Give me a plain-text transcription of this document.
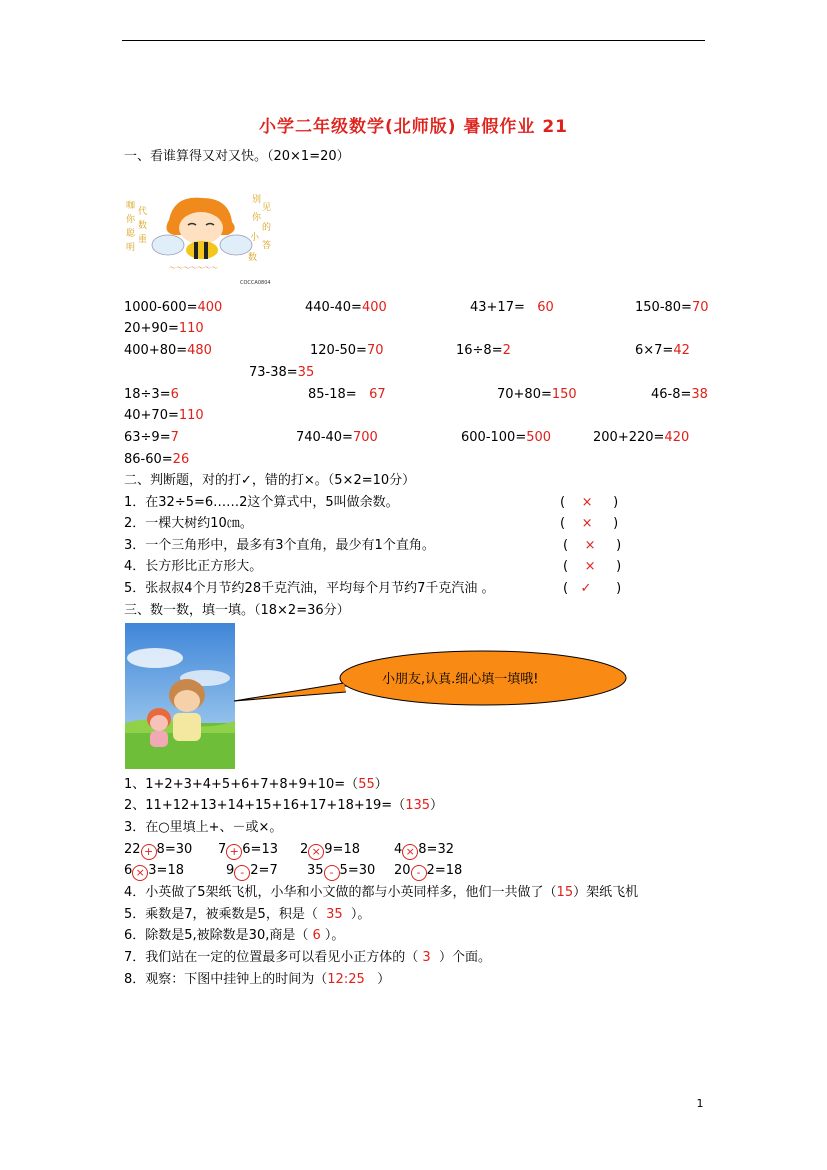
小学二年级数学(北师版) 暑假作业 21
一、看谁算得又对又快。（20×1=20）
咖
你
聪
明
代
数
重
别
见
你
的
小
答
数
～～～～～～～
COCCA0804
1000-600=400	440-40=400	43+17= 60	150-80=70
20+90=110
400+80=480	120-50=70	16÷8=2	6×7=42
73-38=35
18÷3=6	85-18= 67	70+80=150	46-8=38
40+70=110
63÷9=7	740-40=700	600-100=500	200+220=420
86-60=26
二、判断题，对的打✓，错的打×。（5×2=10分）
1．在32÷5=6……2这个算式中，5叫做余数。	(    ×     )
2．一棵大树约10㎝。	(    ×     )
3．一个三角形中，最多有3个直角，最少有1个直角。	(    ×     )
4．长方形比正方形大。	(    ×     )
5．张叔叔4个月节约28千克汽油，平均每个月节约7千克汽油 。	(   ✓      )
三、数一数，填一填。（18×2=36分）
小朋友,认真.细心填一填哦!
1、1+2+3+4+5+6+7+8+9+10=（55）
2、11+12+13+14+15+16+17+18+19=（135）
3．在○里填上+、－或×。
22 + 8=30 7 + 6=13 2 × 9=18	4 × 8=32
6 × 3=18	9 - 2=7 35 - 5=30 20 - 2=18
4．小英做了5架纸飞机，小华和小文做的都与小英同样多，他们一共做了（15）架纸飞机
5．乘数是7，被乘数是5，积是（ 35 ）。
6．除数是5,被除数是30,商是（ 6 ）。
7．我们站在一定的位置最多可以看见小正方体的（ 3 ）个面。
8．观察：下图中挂钟上的时间为（12:25 ）
1
